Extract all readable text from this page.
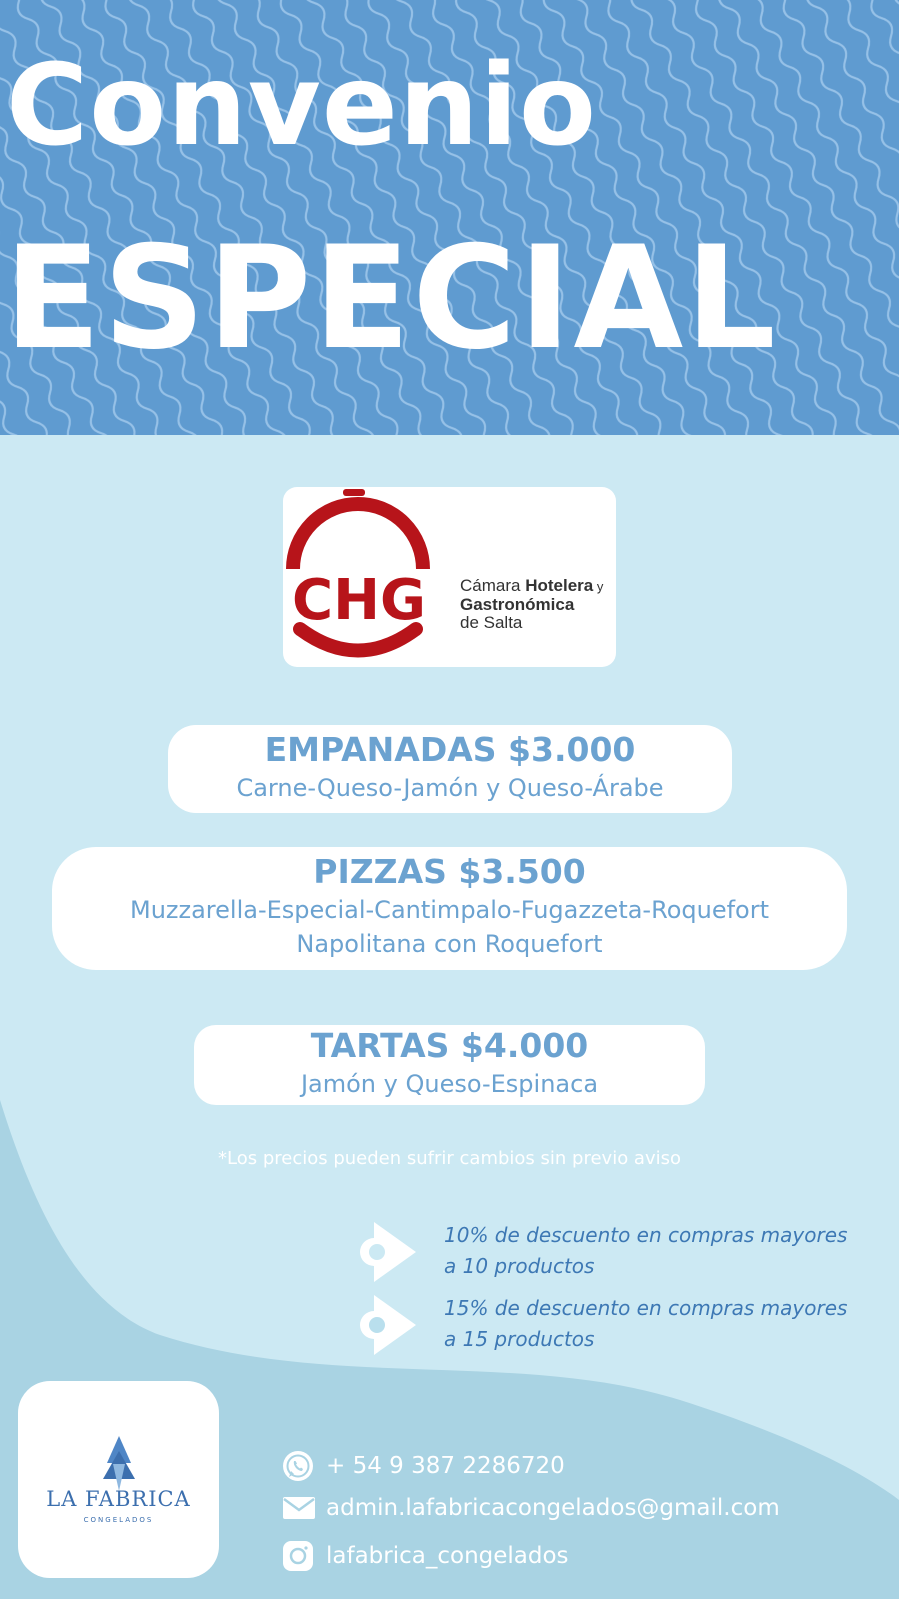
Convenio
ESPECIAL
CHG Cámara Hotelera y
Gastronómica
de Salta
EMPANADAS $3.000
Carne-Queso-Jamón y Queso-Árabe
PIZZAS $3.500
Muzzarella-Especial-Cantimpalo-Fugazzeta-Roquefort
Napolitana con Roquefort
TARTAS $4.000
Jamón y Queso-Espinaca
*Los precios pueden sufrir cambios sin previo aviso
10% de descuento en compras mayores
a 10 productos
15% de descuento en compras mayores
a 15 productos
LA FABRICA
CONGELADOS
+ 54 9 387 2286720
admin.lafabricacongelados@gmail.com
lafabrica_congelados
